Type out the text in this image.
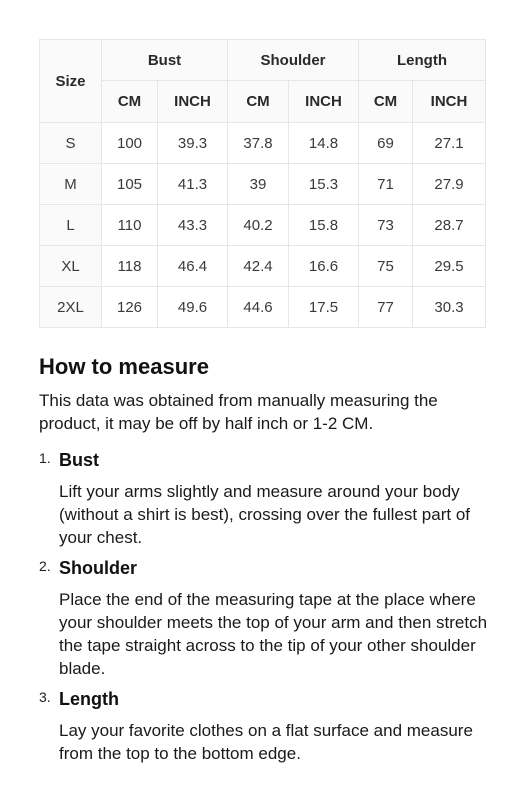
Size	Bust		Shoulder		Length	
	CM	INCH	CM	INCH	CM	INCH
S	100	39.3	37.8	14.8	69	27.1
M	105	41.3	39	15.3	71	27.9
L	110	43.3	40.2	15.8	73	28.7
XL	118	46.4	42.4	16.6	75	29.5
2XL	126	49.6	44.6	17.5	77	30.3
How to measure

This data was obtained from manually measuring the product, it may be off by half inch or 1-2 CM.

1. Bust

Lift your arms slightly and measure around your body (without a shirt is best), crossing over the fullest part of your chest.

2. Shoulder

Place the end of the measuring tape at the place where your shoulder meets the top of your arm and then stretch the tape straight across to the tip of your other shoulder blade.

3. Length

Lay your favorite clothes on a flat surface and measure from the top to the bottom edge.
